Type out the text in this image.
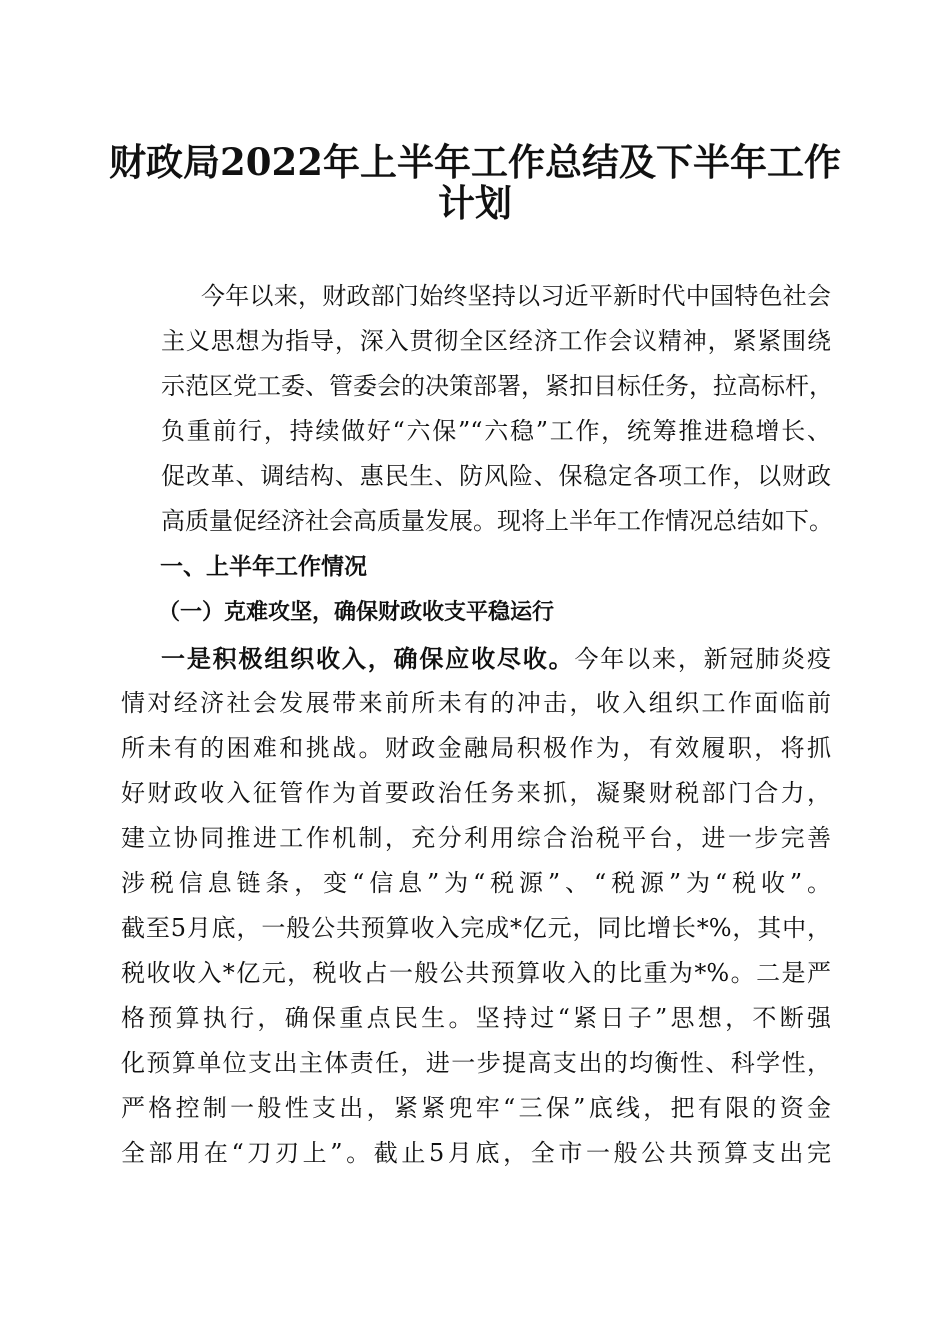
财政局2022年上半年工作总结及下半年工作
计划
今年以来，财政部门始终坚持以习近平新时代中国特色社会
主义思想为指导，深入贯彻全区经济工作会议精神，紧紧围绕
示范区党工委、管委会的决策部署，紧扣目标任务，拉高标杆，
负重前行，持续做好“六保”“六稳”工作，统筹推进稳增长、
促改革、调结构、惠民生、防风险、保稳定各项工作，以财政
高质量促经济社会高质量发展。现将上半年工作情况总结如下。
一、上半年工作情况
（一）克难攻坚，确保财政收支平稳运行
一是积极组织收入，确保应收尽收。今年以来，新冠肺炎疫
情对经济社会发展带来前所未有的冲击，收入组织工作面临前
所未有的困难和挑战。财政金融局积极作为，有效履职，将抓
好财政收入征管作为首要政治任务来抓，凝聚财税部门合力，
建立协同推进工作机制，充分利用综合治税平台，进一步完善
涉税信息链条，变“信息”为“税源”、“税源”为“税收”。
截至5月底，一般公共预算收入完成*亿元，同比增长*%，其中，
税收收入*亿元，税收占一般公共预算收入的比重为*%。二是严
格预算执行，确保重点民生。坚持过“紧日子”思想，不断强
化预算单位支出主体责任，进一步提高支出的均衡性、科学性，
严格控制一般性支出，紧紧兜牢“三保”底线，把有限的资金
全部用在“刀刃上”。截止5月底，全市一般公共预算支出完
